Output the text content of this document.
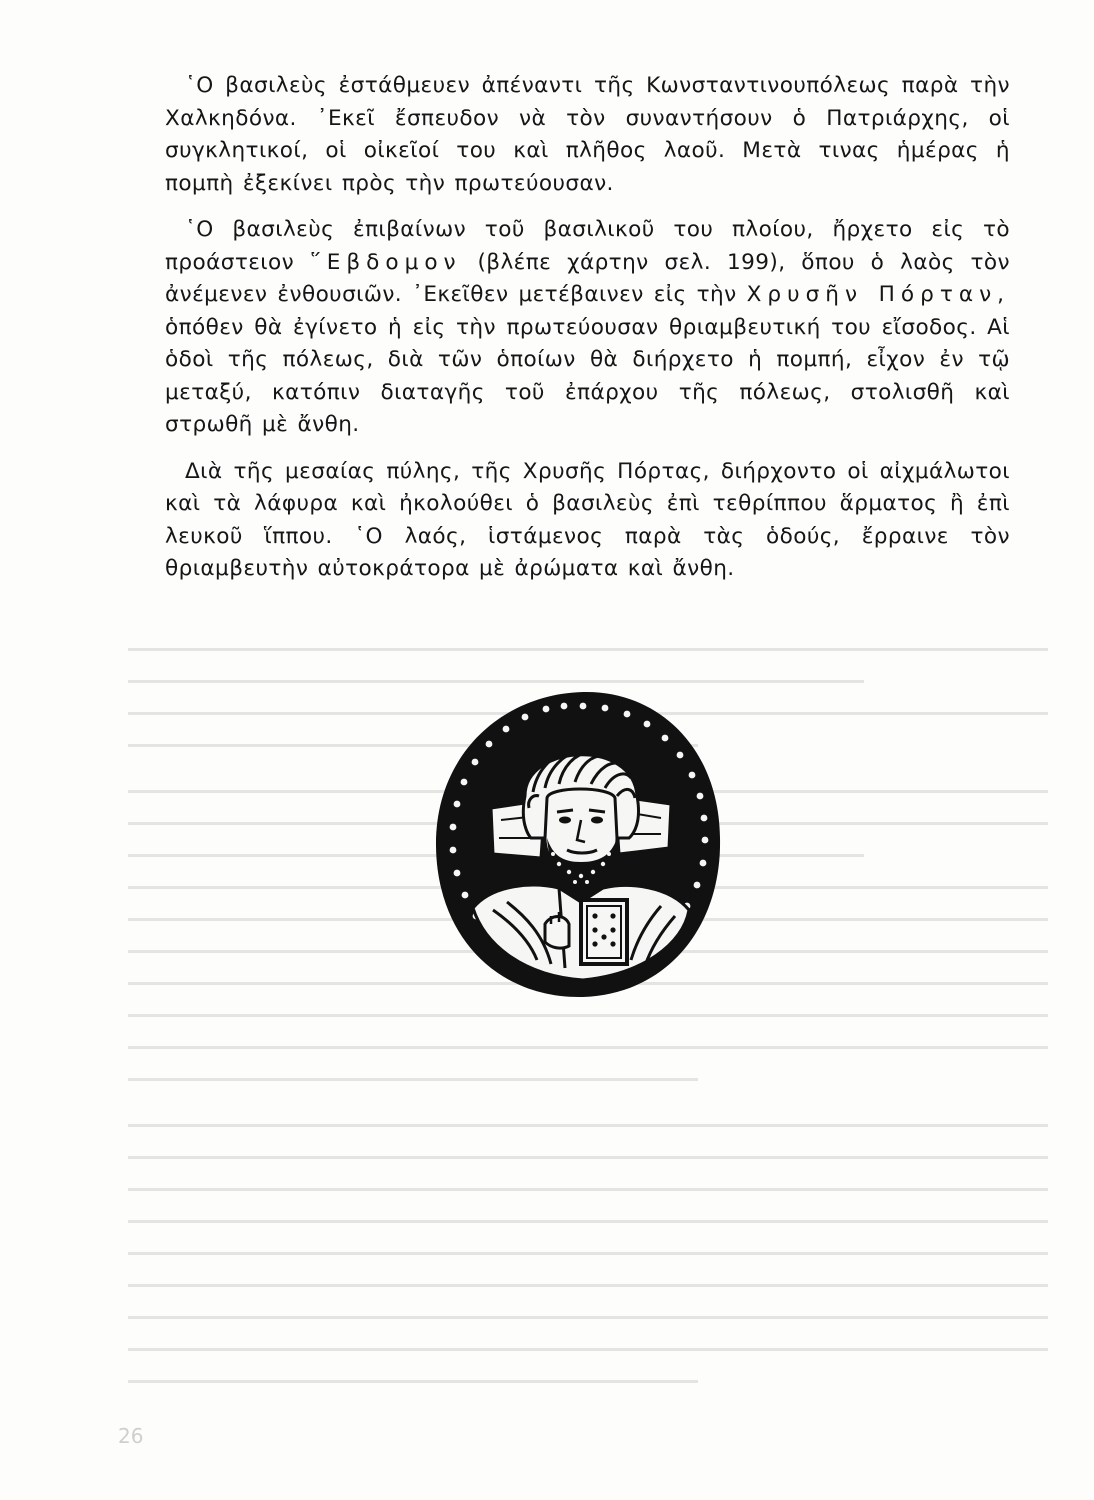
῾Ο βασιλεὺς ἐστάθμευεν ἀπέναντι τῆς Κωνσταντινουπόλεως παρὰ τὴν Χαλκηδόνα. ᾿Εκεῖ ἔσπευδον νὰ τὸν συναντήσουν ὁ Πατριάρχης, οἱ συγκλητικοί, οἱ οἰκεῖοί του καὶ πλῆθος λαοῦ. Μετὰ τινας ἡμέρας ἡ πομπὴ ἐξεκίνει πρὸς τὴν πρωτεύουσαν.

῾Ο βασιλεὺς ἐπιβαίνων τοῦ βασιλικοῦ του πλοίου, ἤρχετο εἰς τὸ προάστειον ῞Εβδομον (βλέπε χάρτην σελ. 199), ὅπου ὁ λαὸς τὸν ἀνέμενεν ἐνθουσιῶν. ᾿Εκεῖθεν μετέβαινεν εἰς τὴν Χρυσῆν Πόρταν, ὁπόθεν θὰ ἐγίνετο ἡ εἰς τὴν πρωτεύουσαν θριαμβευτική του εἴσοδος. Αἱ ὁδοὶ τῆς πόλεως, διὰ τῶν ὁποίων θὰ διήρχετο ἡ πομπή, εἶχον ἐν τῷ μεταξύ, κατόπιν διαταγῆς τοῦ ἐπάρχου τῆς πόλεως, στολισθῆ καὶ στρωθῆ μὲ ἄνθη.

Διὰ τῆς μεσαίας πύλης, τῆς Χρυσῆς Πόρτας, διήρχοντο οἱ αἰχμάλωτοι καὶ τὰ λάφυρα καὶ ἠκολούθει ὁ βασιλεὺς ἐπὶ τεθρίππου ἅρματος ἢ ἐπὶ λευκοῦ ἵππου. ῾Ο λαός, ἱστάμενος παρὰ τὰς ὁδούς, ἔρραινε τὸν θριαμβευτὴν αὐτοκράτορα μὲ ἀρώματα καὶ ἄνθη.

26
